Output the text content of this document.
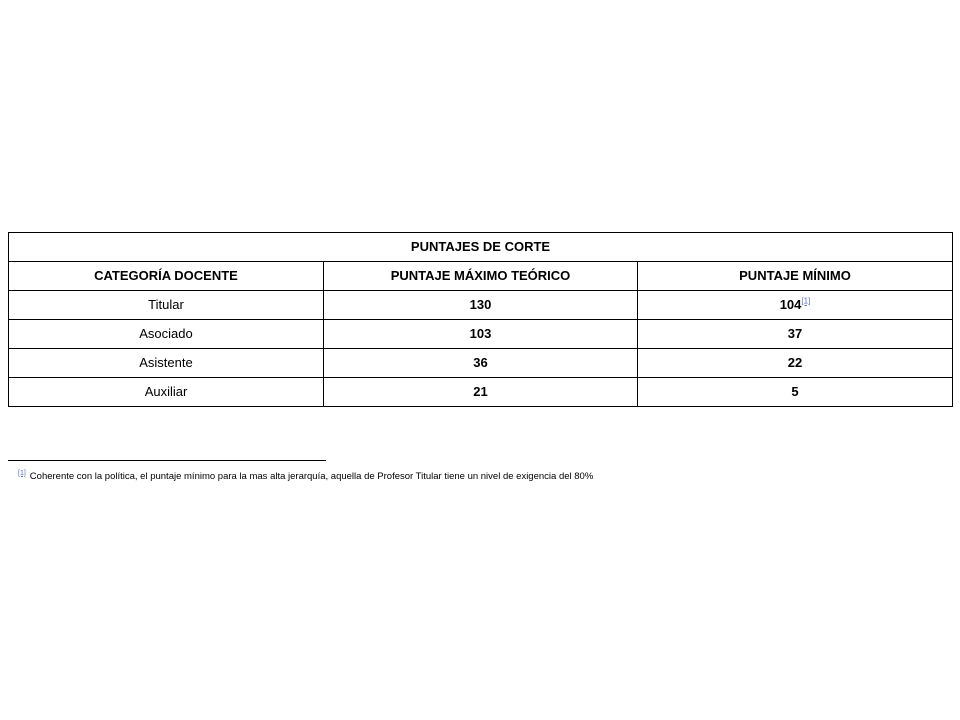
PUNTAJES DE CORTE		
CATEGORÍA DOCENTE	PUNTAJE MÁXIMO TEÓRICO	PUNTAJE MÍNIMO
Titular	130	104[1]
Asociado	103	37
Asistente	36	22
Auxiliar	21	5
[1] Coherente con la política, el puntaje mínimo para la mas alta jerarquía, aquella de Profesor Titular tiene un nivel de exigencia del 80%
